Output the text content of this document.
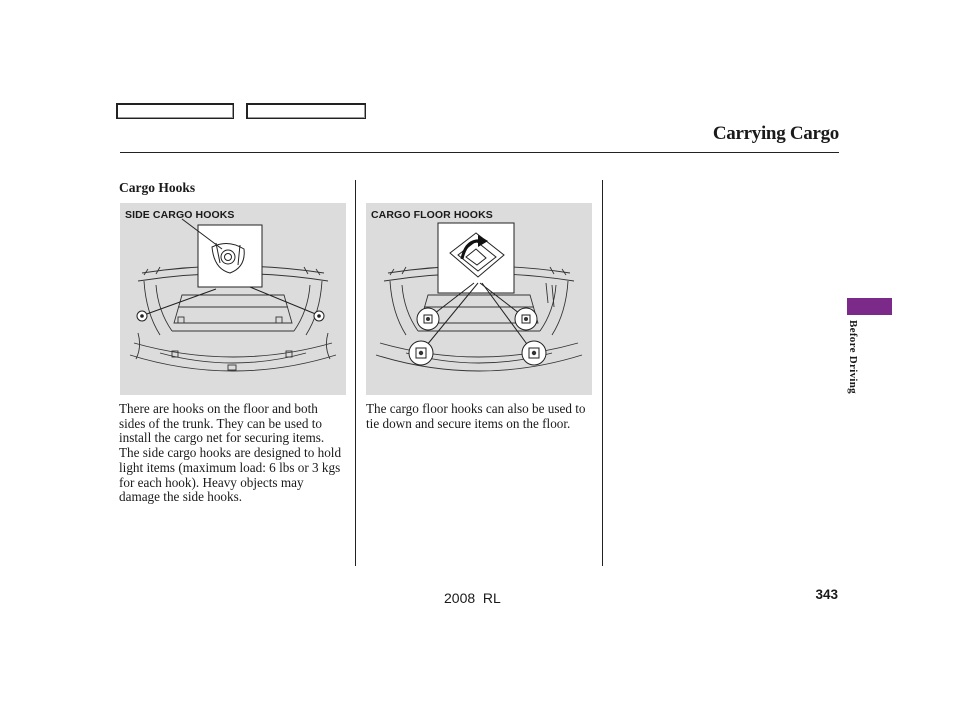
Carrying Cargo
Cargo Hooks
SIDE CARGO HOOKS	CARGO FLOOR HOOKS
There are hooks on the floor and both sides of the trunk. They can be used to install the cargo net for securing items. The side cargo hooks are designed to hold light items (maximum load: 6 lbs or 3 kgs for each hook). Heavy objects may damage the side hooks.
The cargo floor hooks can also be used to tie down and secure items on the floor.
Before Driving
2008  RL	343
